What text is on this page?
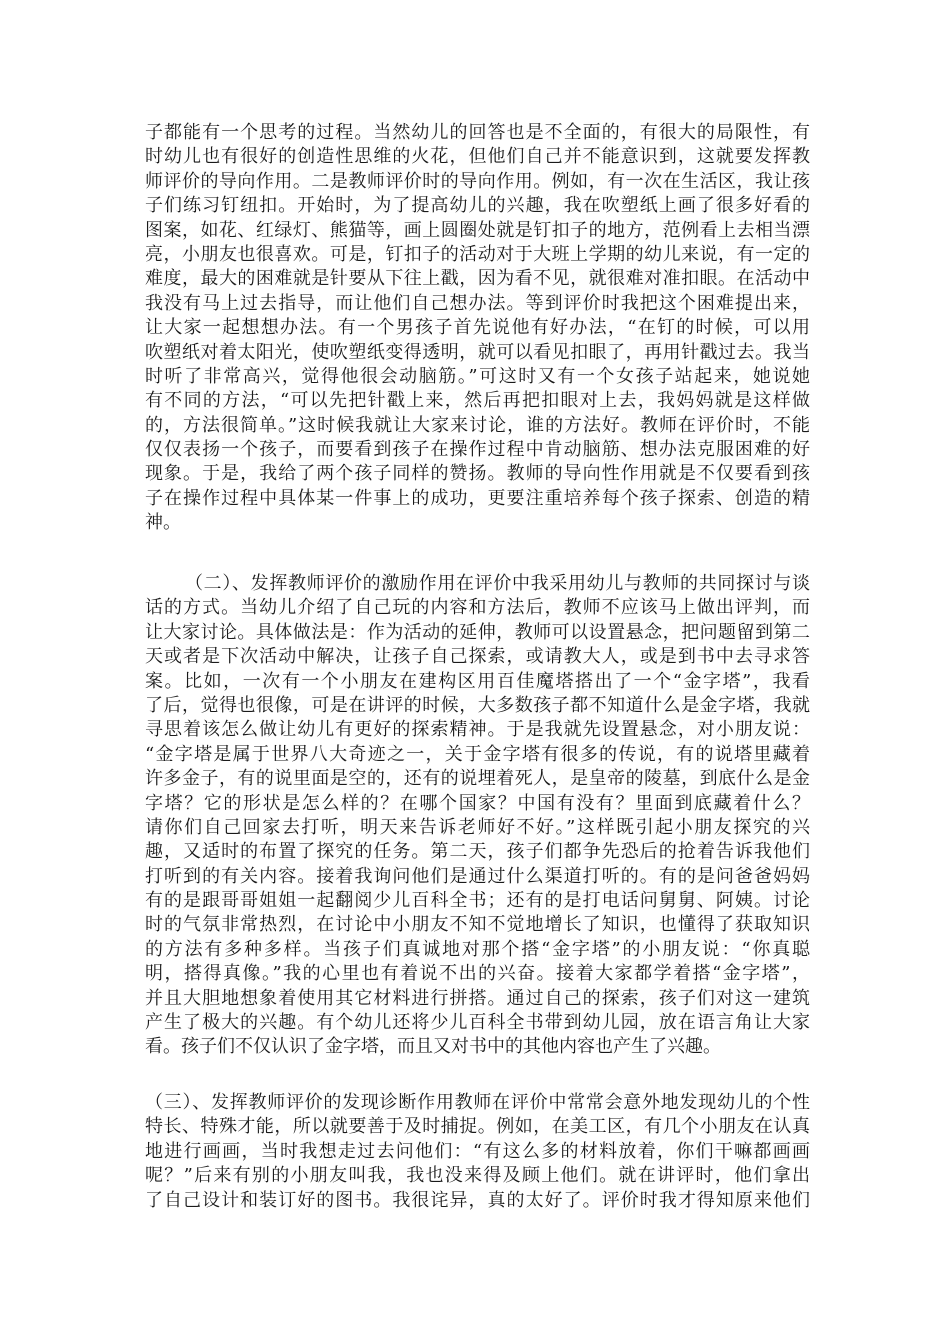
子都能有一个思考的过程。当然幼儿的回答也是不全面的，有很大的局限性，有
时幼儿也有很好的创造性思维的火花，但他们自己并不能意识到，这就要发挥教
师评价的导向作用。二是教师评价时的导向作用。例如，有一次在生活区，我让孩
子们练习钉纽扣。开始时，为了提高幼儿的兴趣，我在吹塑纸上画了很多好看的
图案，如花、红绿灯、熊猫等，画上圆圈处就是钉扣子的地方，范例看上去相当漂
亮，小朋友也很喜欢。可是，钉扣子的活动对于大班上学期的幼儿来说，有一定的
难度，最大的困难就是针要从下往上戳，因为看不见，就很难对准扣眼。在活动中
我没有马上过去指导，而让他们自己想办法。等到评价时我把这个困难提出来，
让大家一起想想办法。有一个男孩子首先说他有好办法，“在钉的时候，可以用
吹塑纸对着太阳光，使吹塑纸变得透明，就可以看见扣眼了，再用针戳过去。我当
时听了非常高兴，觉得他很会动脑筋。”可这时又有一个女孩子站起来，她说她
有不同的方法，“可以先把针戳上来，然后再把扣眼对上去，我妈妈就是这样做
的，方法很简单。”这时候我就让大家来讨论，谁的方法好。教师在评价时，不能
仅仅表扬一个孩子，而要看到孩子在操作过程中肯动脑筋、想办法克服困难的好
现象。于是，我给了两个孩子同样的赞扬。教师的导向性作用就是不仅要看到孩
子在操作过程中具体某一件事上的成功，更要注重培养每个孩子探索、创造的精
神。
（二）、发挥教师评价的激励作用在评价中我采用幼儿与教师的共同探讨与谈
话的方式。当幼儿介绍了自己玩的内容和方法后，教师不应该马上做出评判，而
让大家讨论。具体做法是：作为活动的延伸，教师可以设置悬念，把问题留到第二
天或者是下次活动中解决，让孩子自己探索，或请教大人，或是到书中去寻求答
案。比如，一次有一个小朋友在建构区用百佳魔塔搭出了一个“金字塔”，我看
了后，觉得也很像，可是在讲评的时候，大多数孩子都不知道什么是金字塔，我就
寻思着该怎么做让幼儿有更好的探索精神。于是我就先设置悬念，对小朋友说：
“金字塔是属于世界八大奇迹之一，关于金字塔有很多的传说，有的说塔里藏着
许多金子，有的说里面是空的，还有的说埋着死人，是皇帝的陵墓，到底什么是金
字塔？它的形状是怎么样的？在哪个国家？中国有没有？里面到底藏着什么？
请你们自己回家去打听，明天来告诉老师好不好。”这样既引起小朋友探究的兴
趣，又适时的布置了探究的任务。第二天，孩子们都争先恐后的抢着告诉我他们
打听到的有关内容。接着我询问他们是通过什么渠道打听的。有的是问爸爸妈妈
有的是跟哥哥姐姐一起翻阅少儿百科全书；还有的是打电话问舅舅、阿姨。讨论
时的气氛非常热烈，在讨论中小朋友不知不觉地增长了知识，也懂得了获取知识
的方法有多种多样。当孩子们真诚地对那个搭“金字塔”的小朋友说：“你真聪
明，搭得真像。”我的心里也有着说不出的兴奋。接着大家都学着搭“金字塔”，
并且大胆地想象着使用其它材料进行拼搭。通过自己的探索，孩子们对这一建筑
产生了极大的兴趣。有个幼儿还将少儿百科全书带到幼儿园，放在语言角让大家
看。孩子们不仅认识了金字塔，而且又对书中的其他内容也产生了兴趣。
（三）、发挥教师评价的发现诊断作用教师在评价中常常会意外地发现幼儿的个性
特长、特殊才能，所以就要善于及时捕捉。例如，在美工区，有几个小朋友在认真
地进行画画，当时我想走过去问他们：“有这么多的材料放着，你们干嘛都画画
呢？”后来有别的小朋友叫我，我也没来得及顾上他们。就在讲评时，他们拿出
了自己设计和装订好的图书。我很诧异，真的太好了。评价时我才得知原来他们
